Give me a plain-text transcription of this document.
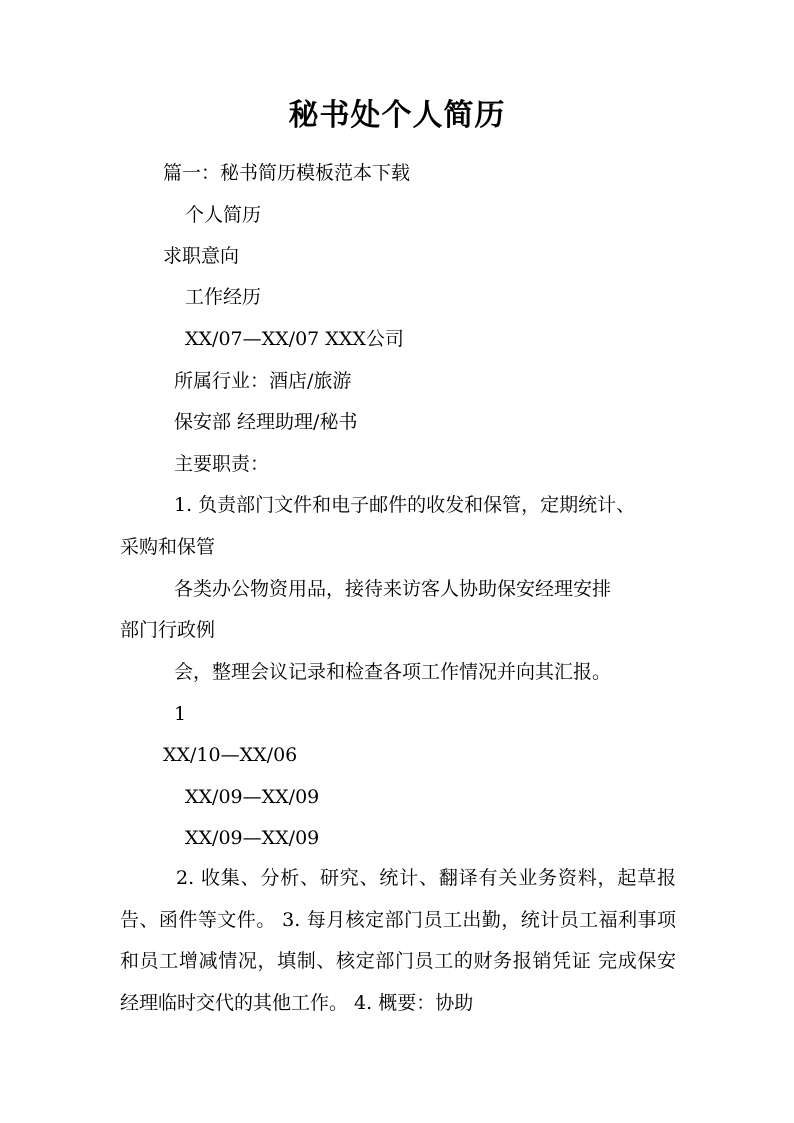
秘书处个人简历
篇一：秘书简历模板范本下载
个人简历
求职意向
工作经历
XX/07—XX/07 XXX公司
所属行业：酒店/旅游
保安部 经理助理/秘书
主要职责：
1. 负责部门文件和电子邮件的收发和保管，定期统计、
采购和保管
各类办公物资用品，接待来访客人协助保安经理安排
部门行政例
会，整理会议记录和检查各项工作情况并向其汇报。
1
XX/10—XX/06
XX/09—XX/09
XX/09—XX/09
2. 收集、分析、研究、统计、翻译有关业务资料，起草报告、函件等文件。 3. 每月核定部门员工出勤，统计员工福利事项和员工增减情况，填制、核定部门员工的财务报销凭证 完成保安经理临时交代的其他工作。 4. 概要：协助
